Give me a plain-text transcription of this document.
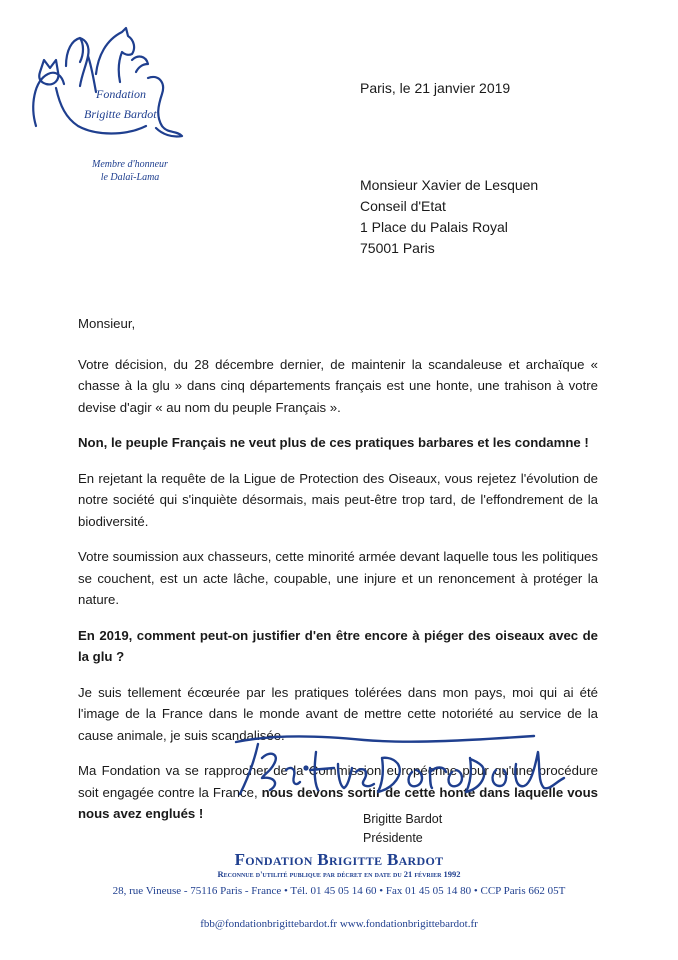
Fondation
Brigitte Bardot
Membre d'honneur
le Dalaï-Lama
Paris, le 21 janvier 2019
Monsieur Xavier de Lesquen
Conseil d'Etat
1 Place du Palais Royal
75001 Paris

Monsieur,

Votre décision, du 28 décembre dernier, de maintenir la scandaleuse et archaïque « chasse à la glu » dans cinq départements français est une honte, une trahison à votre devise d'agir « au nom du peuple Français ».

Non, le peuple Français ne veut plus de ces pratiques barbares et les condamne !

En rejetant la requête de la Ligue de Protection des Oiseaux, vous rejetez l'évolution de notre société qui s'inquiète désormais, mais peut-être trop tard, de l'effondrement de la biodiversité.

Votre soumission aux chasseurs, cette minorité armée devant laquelle tous les politiques se couchent, est un acte lâche, coupable, une injure et un renoncement à protéger la nature.

En 2019, comment peut-on justifier d'en être encore à piéger des oiseaux avec de la glu ?

Je suis tellement écœurée par les pratiques tolérées dans mon pays, moi qui ai été l'image de la France dans le monde avant de mettre cette notoriété au service de la cause animale, je suis scandalisée.

Ma Fondation va se rapprocher de la Commission européenne pour qu'une procédure soit engagée contre la France, nous devons sortir de cette honte dans laquelle vous nous avez englués !	Brigitte Bardot
Présidente
Fondation Brigitte Bardot
Reconnue d'utilité publique par décret en date du 21 février 1992
28, rue Vineuse - 75116 Paris - France • Tél. 01 45 05 14 60 • Fax 01 45 05 14 80 • CCP Paris 662 05T
fbb@fondationbrigittebardot.fr www.fondationbrigittebardot.fr
